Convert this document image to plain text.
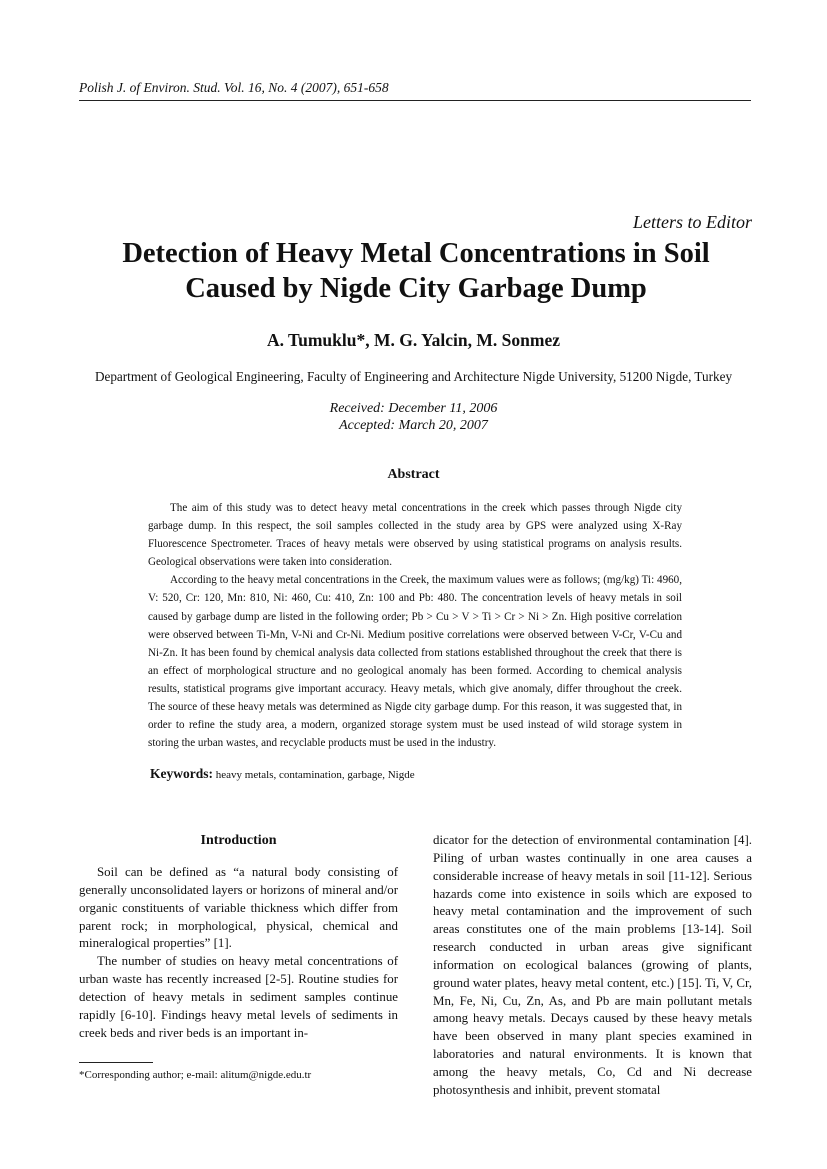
Polish J. of Environ. Stud. Vol. 16, No. 4 (2007), 651-658
Letters to Editor
Detection of Heavy Metal Concentrations in Soil
Caused by Nigde City Garbage Dump
A. Tumuklu*, M. G. Yalcin, M. Sonmez
Department of Geological Engineering, Faculty of Engineering and Architecture Nigde University, 51200 Nigde, Turkey
Received: December 11, 2006
Accepted: March 20, 2007
Abstract

The aim of this study was to detect heavy metal concentrations in the creek which passes through Nigde city garbage dump. In this respect, the soil samples collected in the study area by GPS were analyzed using X-Ray Fluorescence Spectrometer. Traces of heavy metals were observed by using statistical programs on analysis results. Geological observations were taken into consideration.

According to the heavy metal concentrations in the Creek, the maximum values were as follows; (mg/kg) Ti: 4960, V: 520, Cr: 120, Mn: 810, Ni: 460, Cu: 410, Zn: 100 and Pb: 480. The concentration levels of heavy metals in soil caused by garbage dump are listed in the following order; Pb > Cu > V > Ti > Cr > Ni > Zn. High positive correlation were observed between Ti-Mn, V-Ni and Cr-Ni. Medium positive correlations were observed between V-Cr, V-Cu and Ni-Zn. It has been found by chemical analysis data collected from stations established throughout the creek that there is an effect of morphological structure and no geological anomaly has been formed. According to chemical analysis results, statistical programs give important accuracy. Heavy metals, which give anomaly, differ throughout the creek. The source of these heavy metals was determined as Nigde city garbage dump. For this reason, it was suggested that, in order to refine the study area, a modern, organized storage system must be used instead of wild storage system in storing the urban wastes, and recyclable products must be used in the industry.

Keywords: heavy metals, contamination, garbage, Nigde
Introduction

Soil can be defined as “a natural body consisting of generally unconsolidated layers or horizons of mineral and/or organic constituents of variable thickness which differ from parent rock; in morphological, physical, chemical and mineralogical properties” [1].

The number of studies on heavy metal concentrations of urban waste has recently increased [2-5]. Routine studies for detection of heavy metals in sediment samples continue rapidly [6-10]. Findings heavy metal levels of sediments in creek beds and river beds is an important in-

dicator for the detection of environmental contamination [4]. Piling of urban wastes continually in one area causes a considerable increase of heavy metals in soil [11-12]. Serious hazards come into existence in soils which are exposed to heavy metal contamination and the improvement of such areas constitutes one of the main problems [13-14]. Soil research conducted in urban areas give significant information on ecological balances (growing of plants, ground water plates, heavy metal content, etc.) [15]. Ti, V, Cr, Mn, Fe, Ni, Cu, Zn, As, and Pb are main pollutant metals among heavy metals. Decays caused by these heavy metals have been observed in many plant species examined in laboratories and natural environments. It is known that among the heavy metals, Co, Cd and Ni decrease photosynthesis and inhibit, prevent stomatal

*Corresponding author; e-mail: alitum@nigde.edu.tr
